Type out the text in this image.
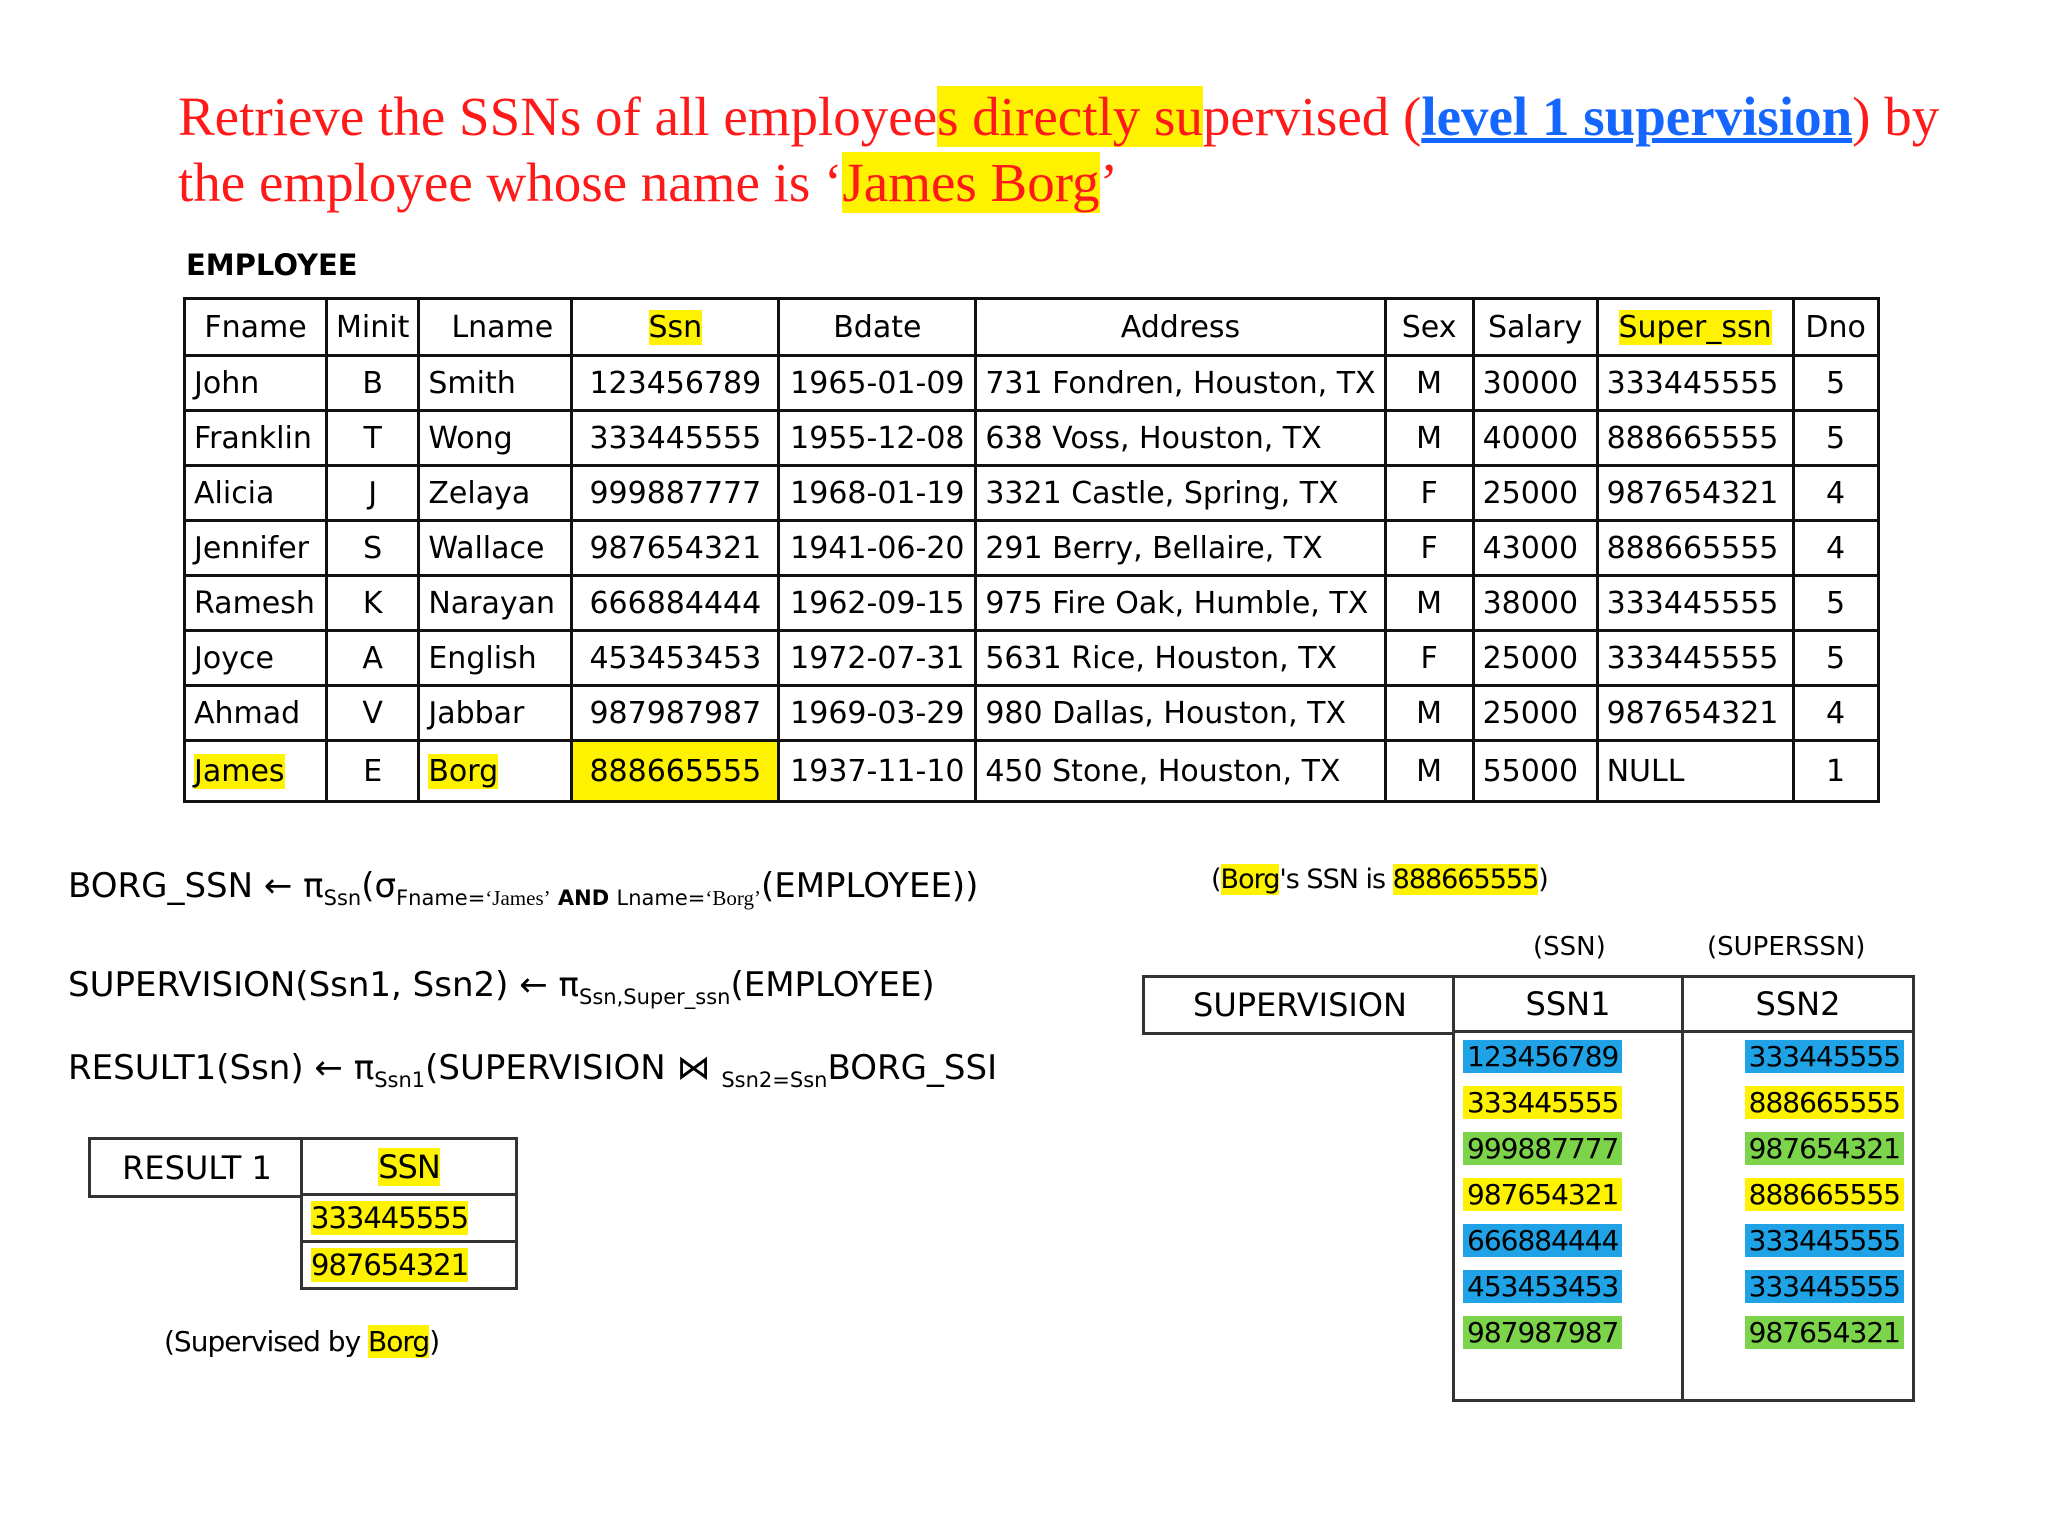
Retrieve the SSNs of all employees directly supervised (level 1 supervision) by the employee whose name is ‘James Borg’
EMPLOYEE
Fname	Minit	Lname	Ssn	Bdate	Address	Sex	Salary	Super_ssn	Dno
John	B	Smith	123456789	1965-01-09	731 Fondren, Houston, TX	M	30000	333445555	5
Franklin	T	Wong	333445555	1955-12-08	638 Voss, Houston, TX	M	40000	888665555	5
Alicia	J	Zelaya	999887777	1968-01-19	3321 Castle, Spring, TX	F	25000	987654321	4
Jennifer	S	Wallace	987654321	1941-06-20	291 Berry, Bellaire, TX	F	43000	888665555	4
Ramesh	K	Narayan	666884444	1962-09-15	975 Fire Oak, Humble, TX	M	38000	333445555	5
Joyce	A	English	453453453	1972-07-31	5631 Rice, Houston, TX	F	25000	333445555	5
Ahmad	V	Jabbar	987987987	1969-03-29	980 Dallas, Houston, TX	M	25000	987654321	4
James	E	Borg	888665555	1937-11-10	450 Stone, Houston, TX	M	55000	NULL	1
BORG_SSN ← $\pi_{Ssn}(\sigma_{Fname=‘James’ AND Lname=‘Borg’}(EMPLOYEE))$
SUPERVISION(Ssn1, Ssn2) ← $\pi_{Ssn,Super\_ssn}(EMPLOYEE)$
RESULT1(Ssn) ← $\pi_{Ssn1}(SUPERVISION$ ⋈ $_{Ssn2=Ssn}$BORG_SSI
(Borg's SSN is 888665555)
(SSN)	(SUPERSSN)
SUPERVISION	SSN1	SSN2
123456789	333445555
333445555	888665555
999887777	987654321
987654321	888665555
666884444	333445555
453453453	333445555
987987987	987654321

RESULT 1	SSN
333445555
987654321
(Supervised by Borg)
